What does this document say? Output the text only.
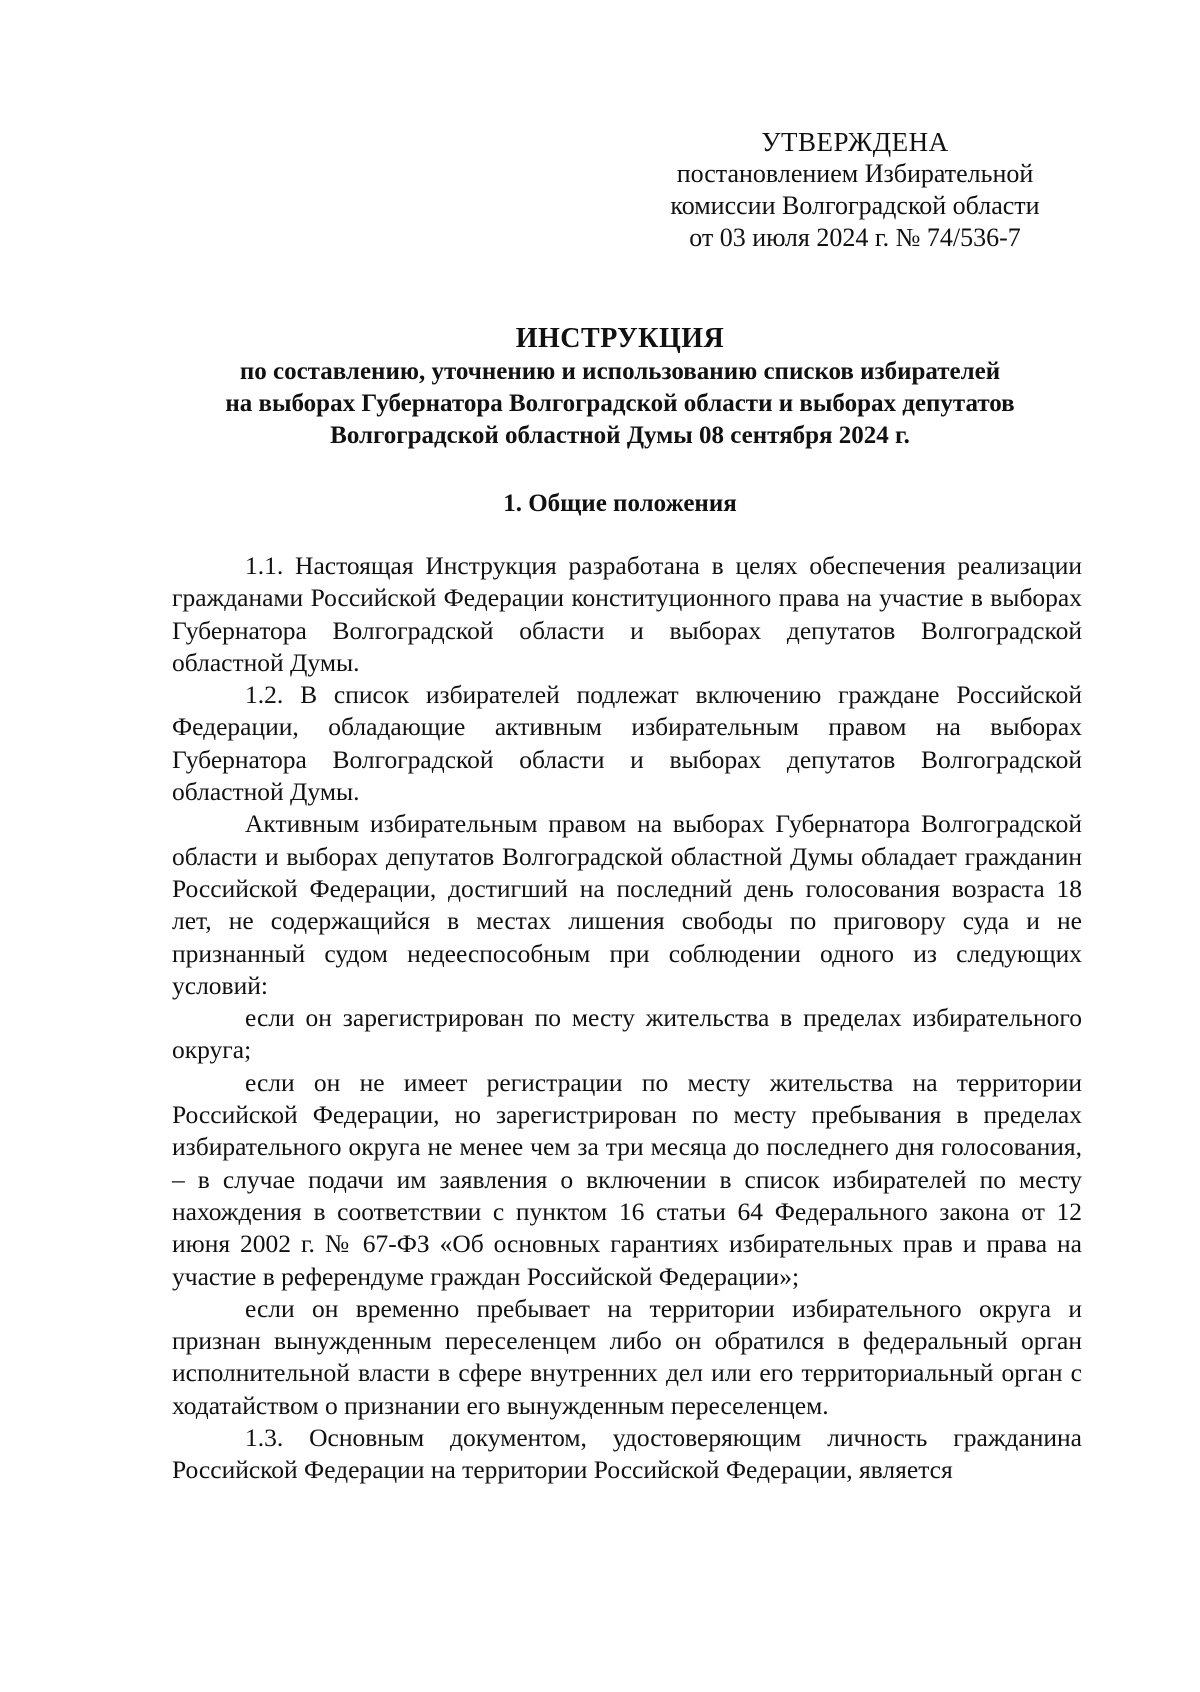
УТВЕРЖДЕНА
постановлением Избирательной
комиссии Волгоградской области
от 03 июля 2024 г. № 74/536-7
ИНСТРУКЦИЯ
по составлению, уточнению и использованию списков избирателей
на выборах Губернатора Волгоградской области и выборах депутатов
Волгоградской областной Думы 08 сентября 2024 г.
1. Общие положения

1.1. Настоящая Инструкция разработана в целях обеспечения реализации гражданами Российской Федерации конституционного права на участие в выборах Губернатора Волгоградской области и выборах депутатов Волгоградской областной Думы.

1.2. В список избирателей подлежат включению граждане Российской Федерации, обладающие активным избирательным правом на выборах Губернатора Волгоградской области и выборах депутатов Волгоградской областной Думы.

Активным избирательным правом на выборах Губернатора Волгоградской области и выборах депутатов Волгоградской областной Думы обладает гражданин Российской Федерации, достигший на последний день голосования возраста 18 лет, не содержащийся в местах лишения свободы по приговору суда и не признанный судом недееспособным при соблюдении одного из следующих условий:

если он зарегистрирован по месту жительства в пределах избирательного округа;

если он не имеет регистрации по месту жительства на территории Российской Федерации, но зарегистрирован по месту пребывания в пределах избирательного округа не менее чем за три месяца до последнего дня голосования, – в случае подачи им заявления о включении в список избирателей по месту нахождения в соответствии с пунктом 16 статьи 64 Федерального закона от 12 июня 2002 г. № 67-ФЗ «Об основных гарантиях избирательных прав и права на участие в референдуме граждан Российской Федерации»;

если он временно пребывает на территории избирательного округа и признан вынужденным переселенцем либо он обратился в федеральный орган исполнительной власти в сфере внутренних дел или его территориальный орган с ходатайством о признании его вынужденным переселенцем.

1.3. Основным документом, удостоверяющим личность гражданина Российской Федерации на территории Российской Федерации, является
